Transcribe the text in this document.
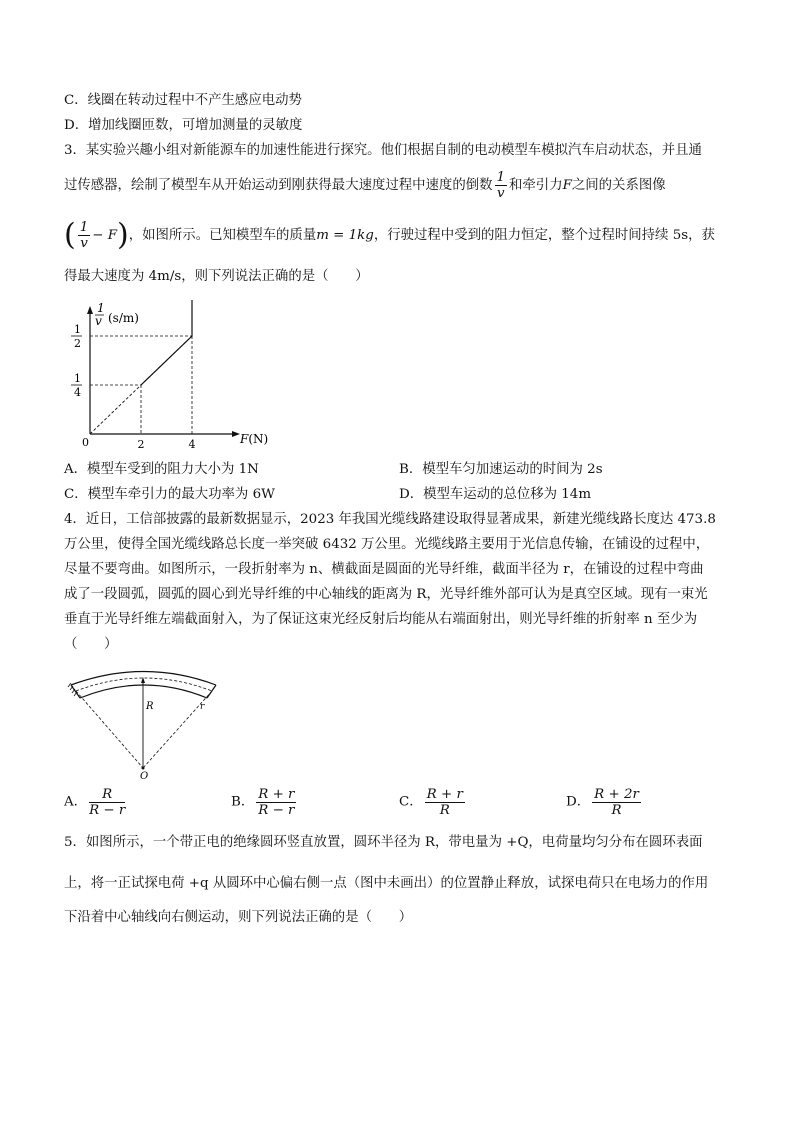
C．线圈在转动过程中不产生感应电动势
D．增加线圈匝数，可增加测量的灵敏度
3．某实验兴趣小组对新能源车的加速性能进行探究。他们根据自制的电动模型车模拟汽车启动状态，并且通
过传感器，绘制了模型车从开始运动到刚获得最大速度过程中速度的倒数 $\frac{1}{v}$ 和牵引力F之间的关系图像
( $\frac{1}{v} - F$)，如图所示。已知模型车的质量m = 1kg，行驶过程中受到的阻力恒定，整个过程时间持续 5s，获
得最大速度为 4m/s，则下列说法正确的是（　　）
1
v (s/m)
F(N)
0	2	4
1
4
1
2
A．模型车受到的阻力大小为 1N	B．模型车匀加速运动的时间为 2s
C．模型车牵引力的最大功率为 6W	D．模型车运动的总位移为 14m
4．近日，工信部披露的最新数据显示，2023 年我国光缆线路建设取得显著成果，新建光缆线路长度达 473.8
万公里，使得全国光缆线路总长度一举突破 6432 万公里。光缆线路主要用于光信息传输，在铺设的过程中，
尽量不要弯曲。如图所示，一段折射率为 n、横截面是圆面的光导纤维，截面半径为 r，在铺设的过程中弯曲
成了一段圆弧，圆弧的圆心到光导纤维的中心轴线的距离为 R，光导纤维外部可认为是真空区域。现有一束光
垂直于光导纤维左端截面射入，为了保证这束光经反射后均能从右端面射出，则光导纤维的折射率 n 至少为
（　　）
R	r
O
A． $\frac{R}{R - r}$	B． $\frac{R + r}{R - r}$	C． $\frac{R + r}{R}$	D． $\frac{R + 2r}{R}$
5．如图所示，一个带正电的绝缘圆环竖直放置，圆环半径为 R，带电量为 +Q，电荷量均匀分布在圆环表面
上，将一正试探电荷 +q 从圆环中心偏右侧一点（图中未画出）的位置静止释放，试探电荷只在电场力的作用
下沿着中心轴线向右侧运动，则下列说法正确的是（　　）
